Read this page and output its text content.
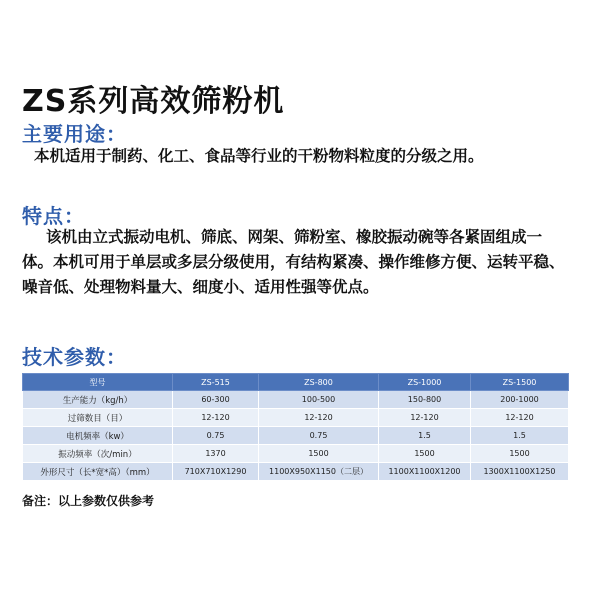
ZS系列高效筛粉机
主要用途：

本机适用于制药、化工、食品等行业的干粉物料粒度的分级之用。

特点：

该机由立式振动电机、筛底、网架、筛粉室、橡胶振动碗等各紧固组成一体。本机可用于单层或多层分级使用，有结构紧凑、操作维修方便、运转平稳、噪音低、处理物料量大、细度小、适用性强等优点。

技术参数：
型号	ZS-515	ZS-800	ZS-1000	ZS-1500
生产能力（kg/h）	60-300	100-500	150-800	200-1000
过筛数目（目）	12-120	12-120	12-120	12-120
电机频率（kw）	0.75	0.75	1.5	1.5
振动频率（次/min）	1370	1500	1500	1500
外形尺寸（长*宽*高）（mm）	710X710X1290	1100X950X1150（二层）	1100X1100X1200	1300X1100X1250
备注：以上参数仅供参考
